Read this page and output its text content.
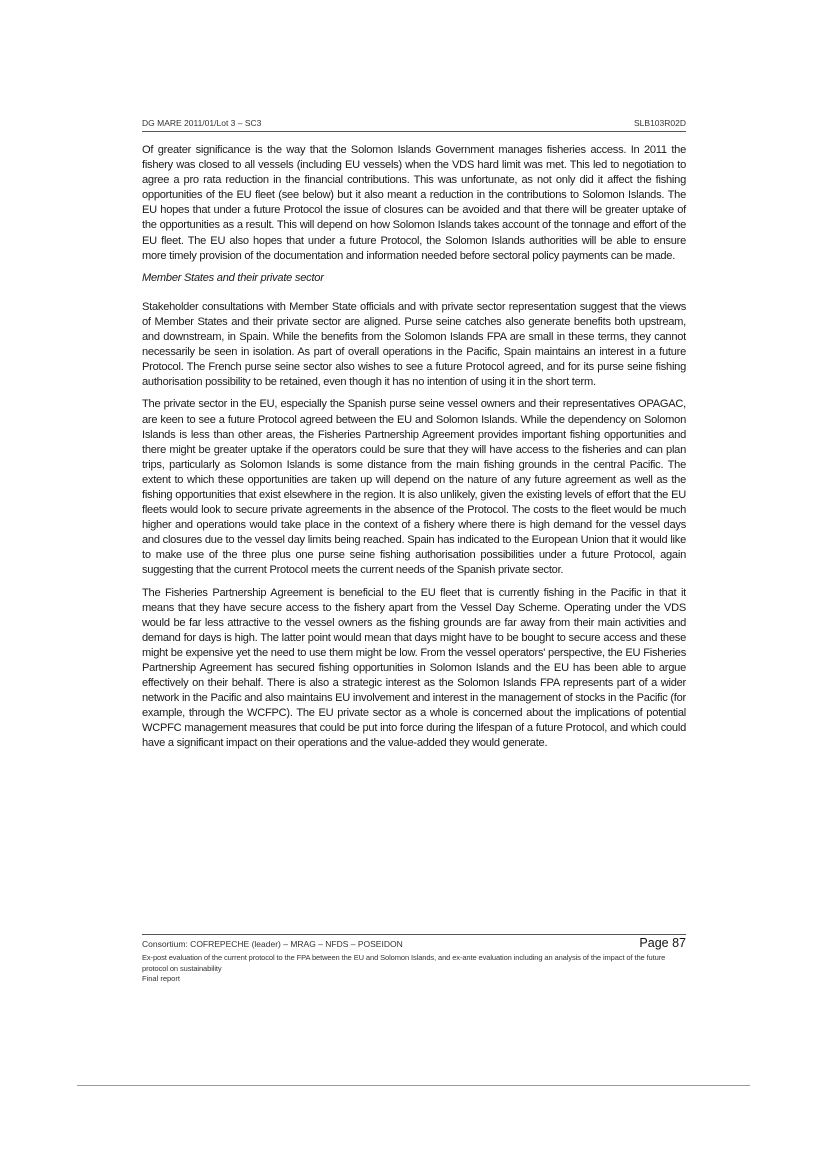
DG MARE 2011/01/Lot 3 – SC3	SLB103R02D

Of greater significance is the way that the Solomon Islands Government manages fisheries access. In 2011 the fishery was closed to all vessels (including EU vessels) when the VDS hard limit was met. This led to negotiation to agree a pro rata reduction in the financial contributions. This was unfortunate, as not only did it affect the fishing opportunities of the EU fleet (see below) but it also meant a reduction in the contributions to Solomon Islands. The EU hopes that under a future Protocol the issue of closures can be avoided and that there will be greater uptake of the opportunities as a result. This will depend on how Solomon Islands takes account of the tonnage and effort of the EU fleet. The EU also hopes that under a future Protocol, the Solomon Islands authorities will be able to ensure more timely provision of the documentation and information needed before sectoral policy payments can be made.

Member States and their private sector

Stakeholder consultations with Member State officials and with private sector representation suggest that the views of Member States and their private sector are aligned. Purse seine catches also generate benefits both upstream, and downstream, in Spain. While the benefits from the Solomon Islands FPA are small in these terms, they cannot necessarily be seen in isolation. As part of overall operations in the Pacific, Spain maintains an interest in a future Protocol. The French purse seine sector also wishes to see a future Protocol agreed, and for its purse seine fishing authorisation possibility to be retained, even though it has no intention of using it in the short term.

The private sector in the EU, especially the Spanish purse seine vessel owners and their representatives OPAGAC, are keen to see a future Protocol agreed between the EU and Solomon Islands. While the dependency on Solomon Islands is less than other areas, the Fisheries Partnership Agreement provides important fishing opportunities and there might be greater uptake if the operators could be sure that they will have access to the fisheries and can plan trips, particularly as Solomon Islands is some distance from the main fishing grounds in the central Pacific. The extent to which these opportunities are taken up will depend on the nature of any future agreement as well as the fishing opportunities that exist elsewhere in the region. It is also unlikely, given the existing levels of effort that the EU fleets would look to secure private agreements in the absence of the Protocol. The costs to the fleet would be much higher and operations would take place in the context of a fishery where there is high demand for the vessel days and closures due to the vessel day limits being reached. Spain has indicated to the European Union that it would like to make use of the three plus one purse seine fishing authorisation possibilities under a future Protocol, again suggesting that the current Protocol meets the current needs of the Spanish private sector.

The Fisheries Partnership Agreement is beneficial to the EU fleet that is currently fishing in the Pacific in that it means that they have secure access to the fishery apart from the Vessel Day Scheme. Operating under the VDS would be far less attractive to the vessel owners as the fishing grounds are far away from their main activities and demand for days is high. The latter point would mean that days might have to be bought to secure access and these might be expensive yet the need to use them might be low. From the vessel operators' perspective, the EU Fisheries Partnership Agreement has secured fishing opportunities in Solomon Islands and the EU has been able to argue effectively on their behalf. There is also a strategic interest as the Solomon Islands FPA represents part of a wider network in the Pacific and also maintains EU involvement and interest in the management of stocks in the Pacific (for example, through the WCFPC). The EU private sector as a whole is concerned about the implications of potential WCPFC management measures that could be put into force during the lifespan of a future Protocol, and which could have a significant impact on their operations and the value-added they would generate.

Consortium: COFREPECHE (leader) – MRAG – NFDS – POSEIDON	Page 87
Ex-post evaluation of the current protocol to the FPA between the EU and Solomon Islands, and ex-ante evaluation including an analysis of the impact of the future protocol on sustainability
Final report
